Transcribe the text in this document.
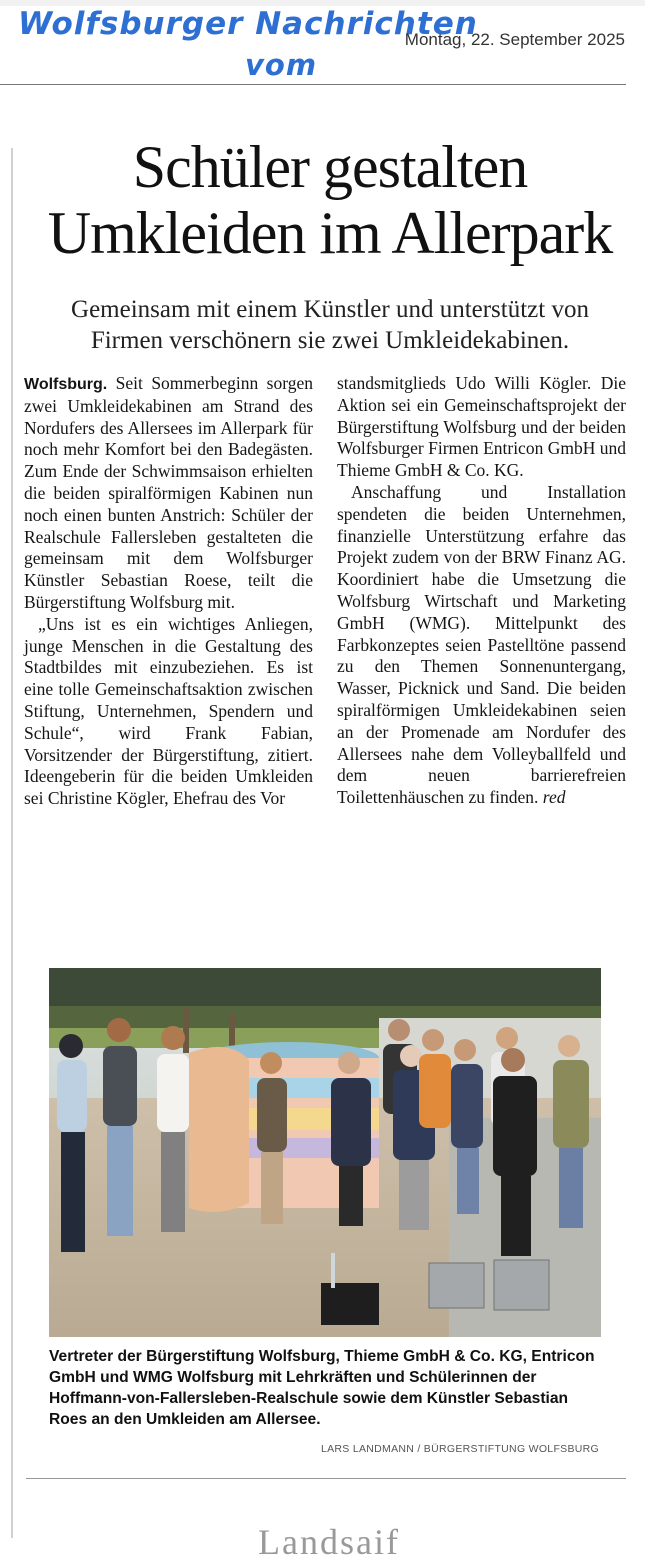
Wolfsburger Nachrichten
vom
Montag, 22. September 2025
Schüler gestalten
Umkleiden im Allerpark
Gemeinsam mit einem Künstler und unterstützt von
Firmen verschönern sie zwei Umkleidekabinen.

Wolfsburg. Seit Sommerbeginn sorgen zwei Umkleidekabinen am Strand des Nordufers des Allersees im Allerpark für noch mehr Komfort bei den Badegästen. Zum Ende der Schwimmsaison erhielten die beiden spiralförmigen Kabinen nun noch einen bunten Anstrich: Schüler der Realschule Fallersleben gestalteten die gemeinsam mit dem Wolfsburger Künstler Sebastian Roese, teilt die Bürgerstiftung Wolfsburg mit.

„Uns ist es ein wichtiges Anliegen, junge Menschen in die Gestaltung des Stadtbildes mit einzubeziehen. Es ist eine tolle Gemeinschaftsaktion zwischen Stiftung, Unternehmen, Spendern und Schule“, wird Frank Fabian, Vorsitzender der Bürgerstiftung, zitiert. Ideengeberin für die beiden Umkleiden sei Christine Kögler, Ehefrau des Vor

standsmitglieds Udo Willi Kögler. Die Aktion sei ein Gemeinschaftsprojekt der Bürgerstiftung Wolfsburg und der beiden Wolfsburger Firmen Entricon GmbH und Thieme GmbH & Co. KG.

Anschaffung und Installation spendeten die beiden Unternehmen, finanzielle Unterstützung erfahre das Projekt zudem von der BRW Finanz AG. Koordiniert habe die Umsetzung die Wolfsburg Wirtschaft und Marketing GmbH (WMG). Mittelpunkt des Farbkonzeptes seien Pastelltöne passend zu den Themen Sonnenuntergang, Wasser, Picknick und Sand. Die beiden spiralförmigen Umkleidekabinen seien an der Promenade am Nordufer des Allersees nahe dem Volleyballfeld und dem neuen barrierefreien Toilettenhäuschen zu finden. red

Vertreter der Bürgerstiftung Wolfsburg, Thieme GmbH & Co. KG, Entricon GmbH und WMG Wolfsburg mit Lehrkräften und Schülerinnen der Hoffmann-von-Fallersleben-Realschule sowie dem Künstler Sebastian Roes an den Umkleiden am Allersee.
LARS LANDMANN / BÜRGERSTIFTUNG WOLFSBURG
Landsaif
